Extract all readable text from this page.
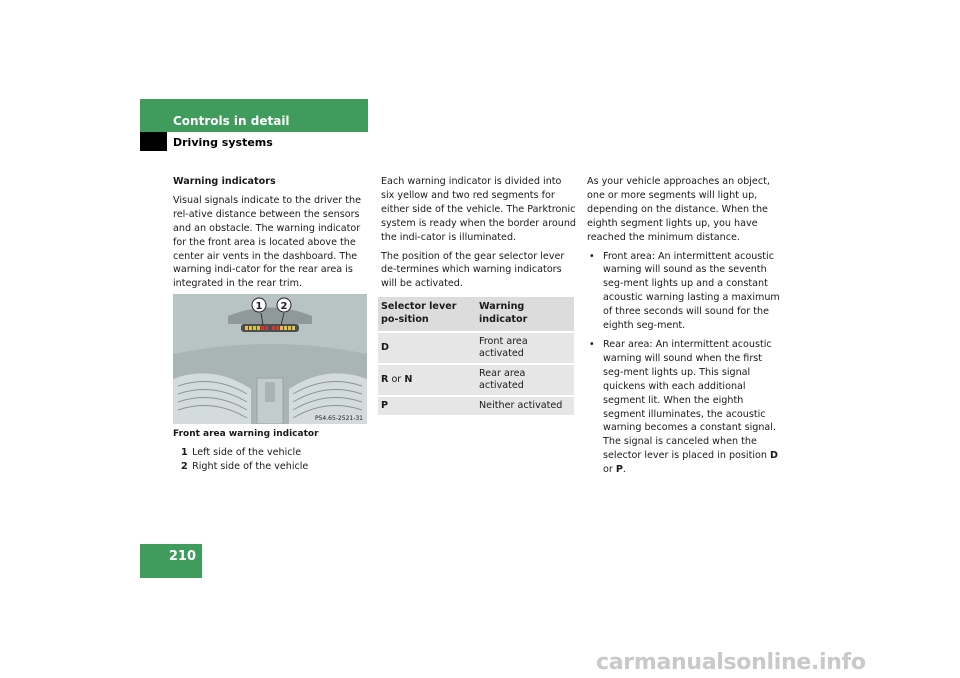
Controls in detail
Driving systems

Warning indicators

Visual signals indicate to the driver the rel-ative distance between the sensors and an obstacle. The warning indicator for the front area is located above the center air vents in the dashboard. The warning indi-cator for the rear area is integrated in the rear trim.

1 2
P54.65-2521-31
Front area warning indicator
1 Left side of the vehicle
2 Right side of the vehicle

Each warning indicator is divided into six yellow and two red segments for either side of the vehicle. The Parktronic system is ready when the border around the indi-cator is illuminated.

The position of the gear selector lever de-termines which warning indicators will be activated.

Selector lever po-sition	Warning indicator
D	Front area activated
R or N	Rear area activated
P	Neither activated

As your vehicle approaches an object, one or more segments will light up, depending on the distance. When the eighth segment lights up, you have reached the minimum distance.

• Front area: An intermittent acoustic warning will sound as the seventh seg-ment lights up and a constant acoustic warning lasting a maximum of three seconds will sound for the eighth seg-ment.
• Rear area: An intermittent acoustic warning will sound when the first seg-ment lights up. This signal quickens with each additional segment lit. When the eighth segment illuminates, the acoustic warning becomes a constant signal. The signal is canceled when the selector lever is placed in position D or P.
210
carmanualsonline.info
